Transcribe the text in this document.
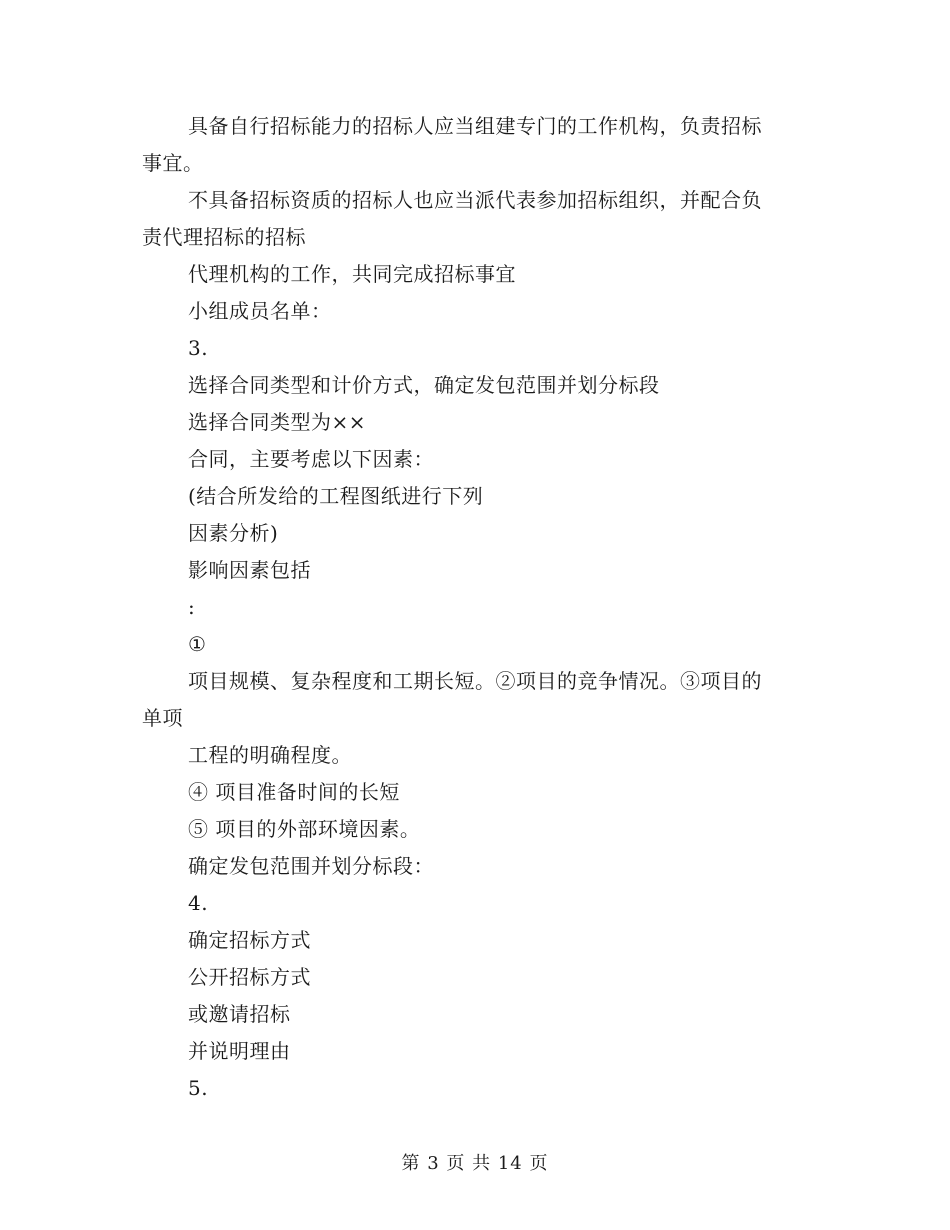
具备自行招标能力的招标人应当组建专门的工作机构，负责招标
事宜。
不具备招标资质的招标人也应当派代表参加招标组织，并配合负
责代理招标的招标
代理机构的工作，共同完成招标事宜
小组成员名单：
3.
选择合同类型和计价方式，确定发包范围并划分标段
选择合同类型为××
合同，主要考虑以下因素：
(结合所发给的工程图纸进行下列
因素分析)
影响因素包括
:
①
项目规模、复杂程度和工期长短。②项目的竞争情况。③项目的
单项
工程的明确程度。
④ 项目准备时间的长短
⑤ 项目的外部环境因素。
确定发包范围并划分标段：
4.
确定招标方式
公开招标方式
或邀请招标
并说明理由
5.
第 3 页 共 14 页
